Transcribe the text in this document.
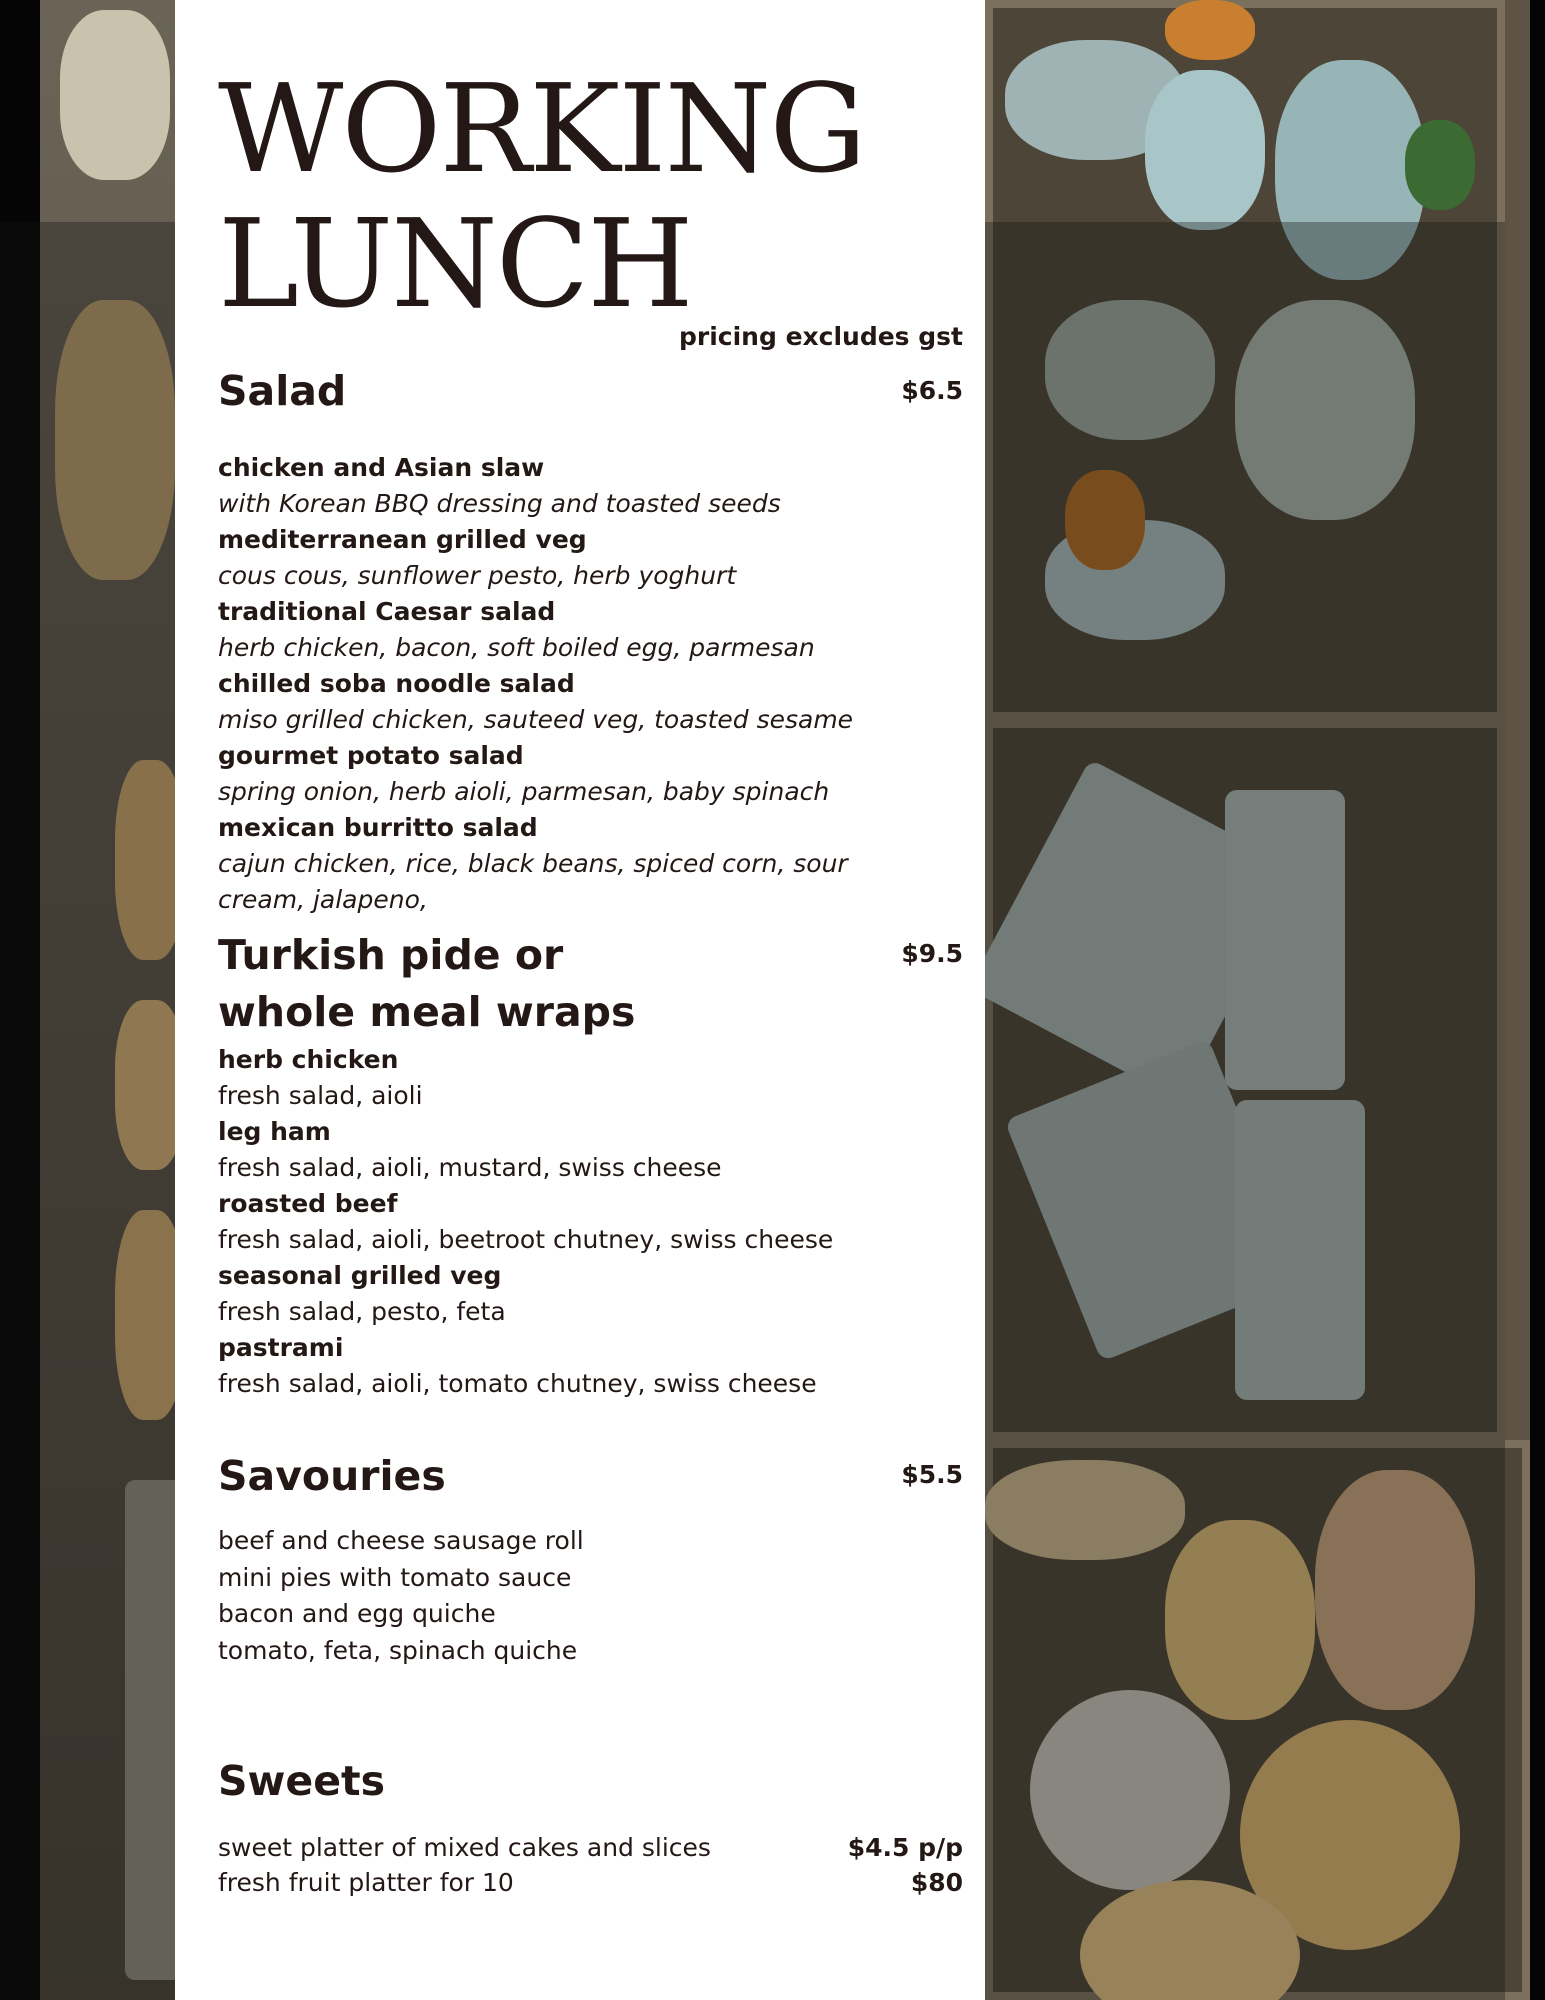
WORKING
LUNCH
pricing excludes gst
Salad	$6.5
chicken and Asian slaw
with Korean BBQ dressing and toasted seeds
mediterranean grilled veg
cous cous, sunflower pesto, herb yoghurt
traditional Caesar salad
herb chicken, bacon, soft boiled egg, parmesan
chilled soba noodle salad
miso grilled chicken, sauteed veg, toasted sesame
gourmet potato salad
spring onion, herb aioli, parmesan, baby spinach
mexican burritto salad
cajun chicken, rice, black beans, spiced corn, sour cream, jalapeno,
Turkish pide or
whole meal wraps
$9.5
herb chicken
fresh salad, aioli
leg ham
fresh salad, aioli, mustard, swiss cheese
roasted beef
fresh salad, aioli, beetroot chutney, swiss cheese
seasonal grilled veg
fresh salad, pesto, feta
pastrami
fresh salad, aioli, tomato chutney, swiss cheese
Savouries	$5.5
beef and cheese sausage roll
mini pies with tomato sauce
bacon and egg quiche
tomato, feta, spinach quiche
Sweets
sweet platter of mixed cakes and slices	$4.5 p/p
fresh fruit platter for 10	$80
